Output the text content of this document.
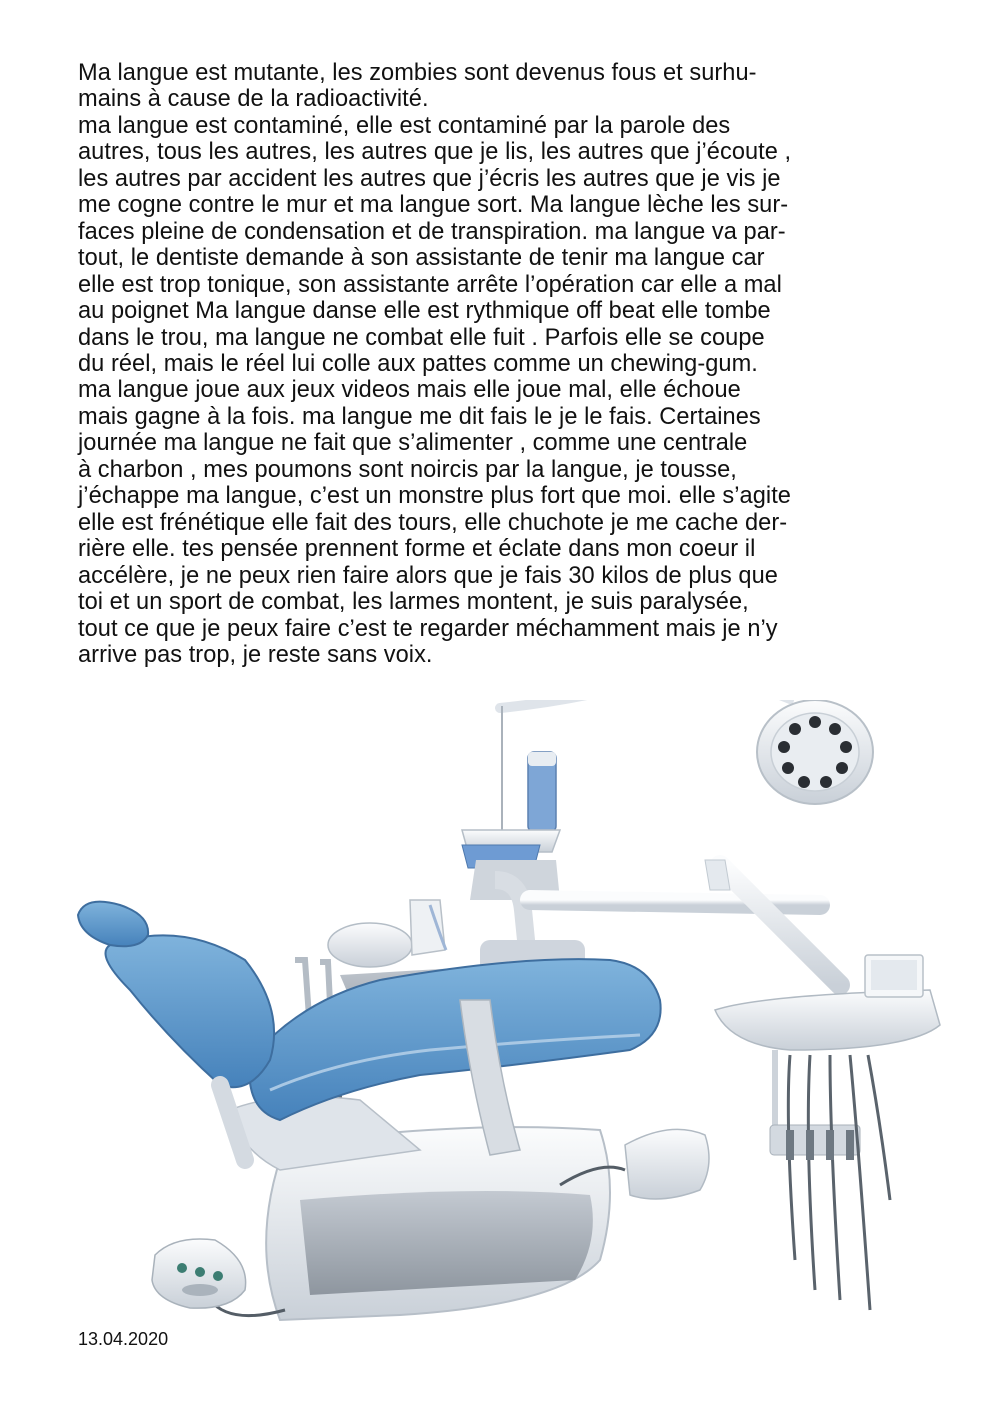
Ma langue est mutante, les zombies sont devenus fous et surhu-
mains à cause de la radioactivité.
ma langue est contaminé, elle est contaminé par la parole des
autres, tous les autres, les autres que je lis, les autres que j’écoute ,
les autres par accident les autres que j’écris les autres que je vis je
me cogne contre le mur et ma langue sort. Ma langue lèche les sur-
faces pleine de condensation et de transpiration. ma langue va par-
tout, le dentiste demande à son assistante de tenir ma langue car
elle est trop tonique, son assistante arrête l’opération car elle a mal
au poignet Ma langue danse elle est rythmique off beat elle tombe
dans le trou, ma langue ne combat elle fuit . Parfois elle se coupe
du réel, mais le réel lui colle aux pattes comme un chewing-gum.
ma langue joue aux jeux videos mais elle joue mal, elle échoue
mais gagne à la fois. ma langue me dit fais le je le fais. Certaines
journée ma langue ne fait que s’alimenter , comme une centrale
à charbon , mes poumons sont noircis par la langue, je tousse,
j’échappe ma langue, c’est un monstre plus fort que moi. elle s’agite
elle est frénétique elle fait des tours, elle chuchote je me cache der-
rière elle. tes pensée prennent forme et éclate dans mon coeur il
accélère, je ne peux rien faire alors que je fais 30 kilos de plus que
toi et un sport de combat, les larmes montent, je suis paralysée,
tout ce que je peux faire c’est te regarder méchamment mais je n’y
arrive pas trop, je reste sans voix.
13.04.2020
